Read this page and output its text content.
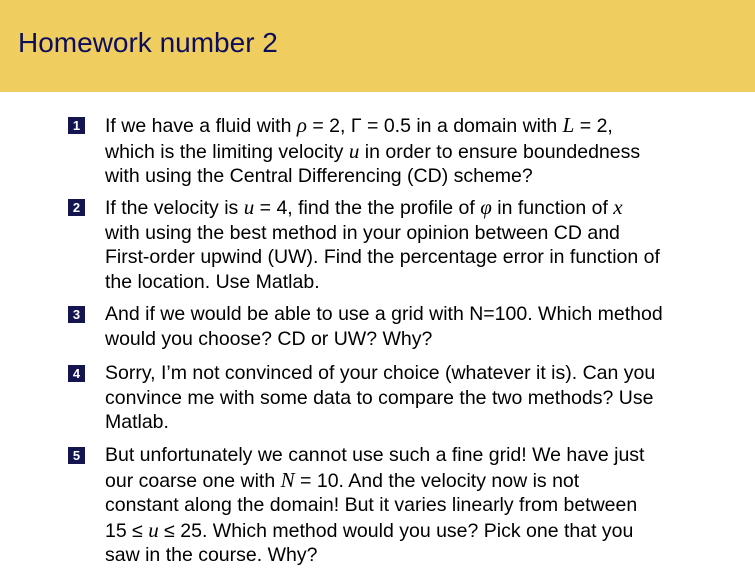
Homework number 2
1 If we have a fluid with ρ = 2, Γ = 0.5 in a domain with L = 2,
which is the limiting velocity u in order to ensure boundedness
with using the Central Differencing (CD) scheme?
2 If the velocity is u = 4, find the the profile of φ in function of x
with using the best method in your opinion between CD and
First-order upwind (UW). Find the percentage error in function of
the location. Use Matlab.
3 And if we would be able to use a grid with N=100. Which method
would you choose? CD or UW? Why?
4 Sorry, I’m not convinced of your choice (whatever it is). Can you
convince me with some data to compare the two methods? Use
Matlab.
5 But unfortunately we cannot use such a fine grid! We have just
our coarse one with N = 10. And the velocity now is not
constant along the domain! But it varies linearly from between
15 ≤ u ≤ 25. Which method would you use? Pick one that you
saw in the course. Why?
